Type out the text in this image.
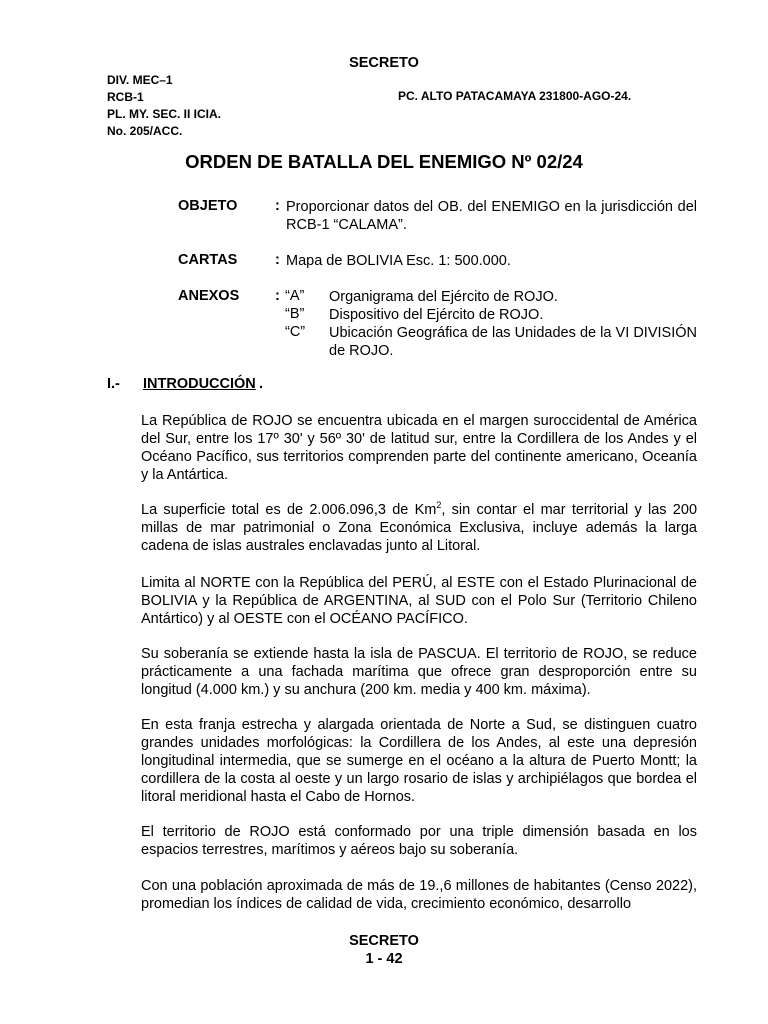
SECRETO
DIV. MEC–1
RCB-1
PL. MY. SEC. II ICIA.
No. 205/ACC.
PC. ALTO PATACAMAYA 231800-AGO-24.
ORDEN DE BATALLA DEL ENEMIGO Nº 02/24
OBJETO	: Proporcionar datos del OB. del ENEMIGO en la jurisdicción del RCB-1 “CALAMA”.
CARTAS	: Mapa de BOLIVIA Esc. 1: 500.000.
ANEXOS : “A” Organigrama del Ejército de ROJO.
“B” Dispositivo del Ejército de ROJO.
“C” Ubicación Geográfica de las Unidades de la VI DIVISIÓN de ROJO.
I.- INTRODUCCIÓN .
La República de ROJO se encuentra ubicada en el margen suroccidental de América del Sur, entre los 17º 30' y 56º 30' de latitud sur, entre la Cordillera de los Andes y el Océano Pacífico, sus territorios comprenden parte del continente americano, Oceanía y la Antártica.
La superficie total es de 2.006.096,3 de Km$^2$, sin contar el mar territorial y las 200 millas de mar patrimonial o Zona Económica Exclusiva, incluye además la larga cadena de islas australes enclavadas junto al Litoral.
Limita al NORTE con la República del PERÚ, al ESTE con el Estado Plurinacional de BOLIVIA y la República de ARGENTINA, al SUD con el Polo Sur (Territorio Chileno Antártico) y al OESTE con el OCÉANO PACÍFICO.
Su soberanía se extiende hasta la isla de PASCUA. El territorio de ROJO, se reduce prácticamente a una fachada marítima que ofrece gran desproporción entre su longitud (4.000 km.) y su anchura (200 km. media y 400 km. máxima).
En esta franja estrecha y alargada orientada de Norte a Sud, se distinguen cuatro grandes unidades morfológicas: la Cordillera de los Andes, al este una depresión longitudinal intermedia, que se sumerge en el océano a la altura de Puerto Montt; la cordillera de la costa al oeste y un largo rosario de islas y archipiélagos que bordea el litoral meridional hasta el Cabo de Hornos.
El territorio de ROJO está conformado por una triple dimensión basada en los espacios terrestres, marítimos y aéreos bajo su soberanía.
Con una población aproximada de más de 19.,6 millones de habitantes (Censo 2022), promedian los índices de calidad de vida, crecimiento económico, desarrollo
SECRETO
1 - 42
